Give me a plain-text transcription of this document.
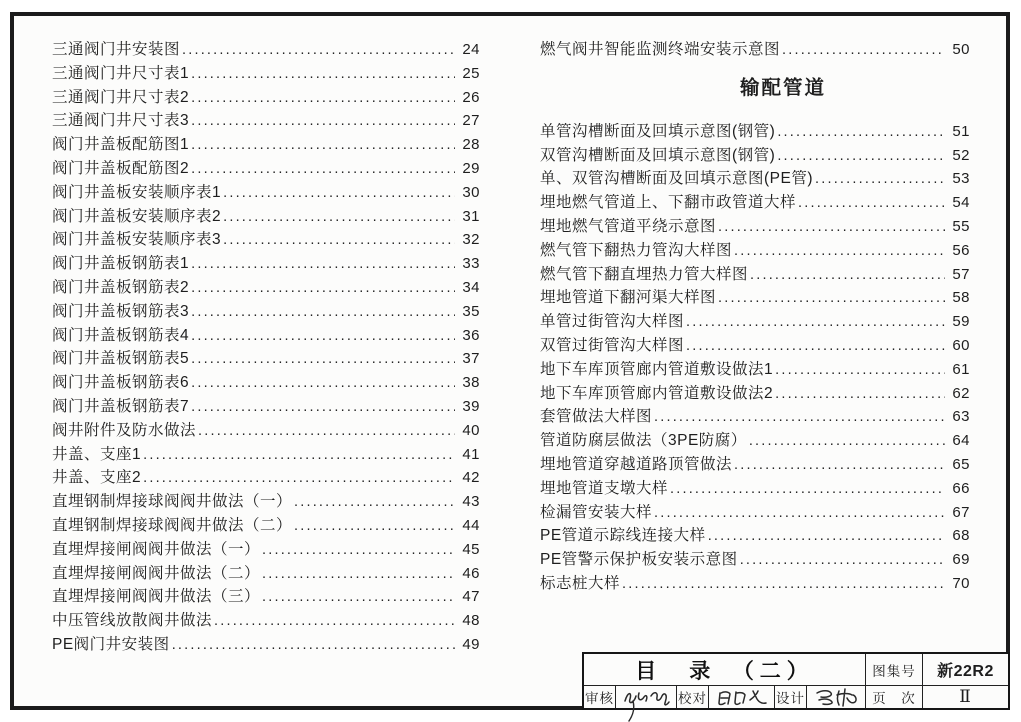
三通阀门井安装图 .....	24
三通阀门井尺寸表1 .....	25
三通阀门井尺寸表2 .....	26
三通阀门井尺寸表3 .....	27
阀门井盖板配筋图1 .....	28
阀门井盖板配筋图2 .....	29
阀门井盖板安装顺序表1 .....	30
阀门井盖板安装顺序表2 .....	31
阀门井盖板安装顺序表3 .....	32
阀门井盖板钢筋表1 .....	33
阀门井盖板钢筋表2 .....	34
阀门井盖板钢筋表3 .....	35
阀门井盖板钢筋表4 .....	36
阀门井盖板钢筋表5 .....	37
阀门井盖板钢筋表6 .....	38
阀门井盖板钢筋表7 .....	39
阀井附件及防水做法 .....	40
井盖、支座1 .....	41
井盖、支座2 .....	42
直埋钢制焊接球阀阀井做法（一） .....	43
直埋钢制焊接球阀阀井做法（二） .....	44
直埋焊接闸阀阀井做法（一） .....	45
直埋焊接闸阀阀井做法（二） .....	46
直埋焊接闸阀阀井做法（三） .....	47
中压管线放散阀井做法 .....	48
PE阀门井安装图 .....	49
燃气阀井智能监测终端安装示意图 .....	50
输配管道
单管沟槽断面及回填示意图(钢管) .....	51
双管沟槽断面及回填示意图(钢管) .....	52
单、双管沟槽断面及回填示意图(PE管) .....	53
埋地燃气管道上、下翻市政管道大样 .....	54
埋地燃气管道平绕示意图 .....	55
燃气管下翻热力管沟大样图 .....	56
燃气管下翻直埋热力管大样图 .....	57
埋地管道下翻河渠大样图 .....	58
单管过街管沟大样图 .....	59
双管过街管沟大样图 .....	60
地下车库顶管廊内管道敷设做法1 .....	61
地下车库顶管廊内管道敷设做法2 .....	62
套管做法大样图 .....	63
管道防腐层做法（3PE防腐） .....	64
埋地管道穿越道路顶管做法 .....	65
埋地管道支墩大样 .....	66
检漏管安装大样 .....	67
PE管道示踪线连接大样 .....	68
PE管警示保护板安装示意图 .....	69
标志桩大样 .....	70
目　录　（二）	图集号	新22R2
审核	校对	设计	页　次	Ⅱ
